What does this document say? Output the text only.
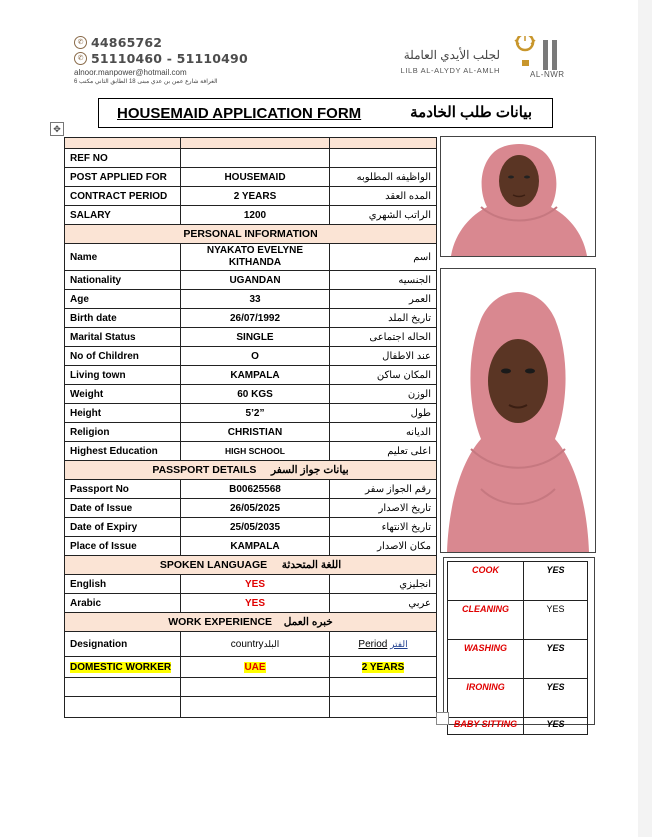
✆ 44865762
✆ 51110460 - 51110490
alnoor.manpower@hotmail.com
الغرافة شارع عمن بن عدي مبنى 18 الطابق الثاني مكتب 6
لجلب الأيدي العاملة
LILB AL-ALYDY AL-AMLH	AL-NWR
HOUSEMAID APPLICATION FORM	بيانات طلب الخادمة
✥

REF NO		
POST APPLIED FOR	HOUSEMAID	الواظيفه المطلوبه
CONTRACT PERIOD	2 YEARS	المده العقد
SALARY	1200	الراتب الشهري
PERSONAL INFORMATION		
Name	NYAKATO EVELYNE KITHANDA	اسم
Nationality	UGANDAN	الجنسيه
Age	33	العمر
Birth date	26/07/1992	تاريخ الملد
Marital Status	SINGLE	الحاله اجتماعى
No of Children	O	عند الاطفال
Living town	KAMPALA	المكان ساكن
Weight	60 KGS	الوزن
Height	5’2”	طول
Religion	CHRISTIAN	الديانه
Highest Education	HIGH SCHOOL	اعلى تعليم
PASSPORT DETAILS بيانات جواز السفر		
Passport No	B00625568	رقم الجواز سفر
Date of Issue	26/05/2025	تاريخ الاصدار
Date of Expiry	25/05/2035	تاريخ الانتهاء
Place of Issue	KAMPALA	مكان الاصدار
SPOKEN LANGUAGE اللغة المتحدثة		
English	YES	انجليزي
Arabic	YES	عربي
WORK EXPERIENCE خبره العمل		
Designation	countryالبلد	Period الفتر
DOMESTIC WORKER	UAE	2 YEARS

COOK	YES
CLEANING	YES
WASHING	YES
IRONING	YES
BABY SITTING	YES
